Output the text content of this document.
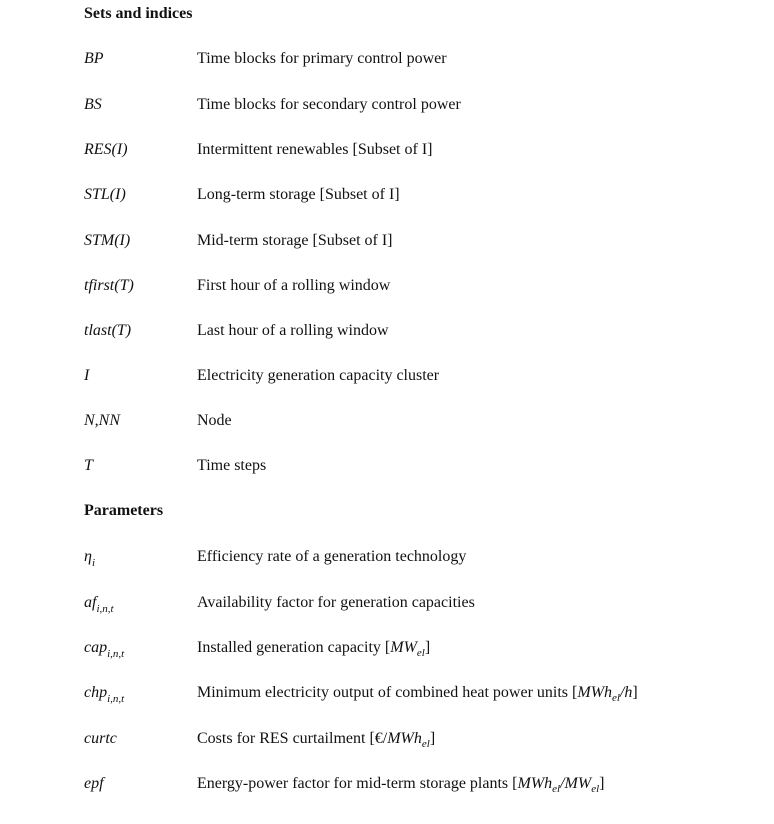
Sets and indices
BP	Time blocks for primary control power
BS	Time blocks for secondary control power
RES(I)	Intermittent renewables [Subset of I]
STL(I)	Long-term storage [Subset of I]
STM(I)	Mid-term storage [Subset of I]
tfirst(T)	First hour of a rolling window
tlast(T)	Last hour of a rolling window
I	Electricity generation capacity cluster
N,NN	Node
T	Time steps
Parameters
$\eta_i$	Efficiency rate of a generation technology
$af_{i,n,t}$	Availability factor for generation capacities
cap$_{i,n,t}$	Installed generation capacity $[MW_{el}]$
chp$_{i,n,t}$	Minimum electricity output of combined heat power units [MWh$_{el}$/h]
curtc	Costs for RES curtailment [€/MWh$_{el}$]
epf	Energy-power factor for mid-term storage plants $[MWh_{el}/MW_{el}]$
